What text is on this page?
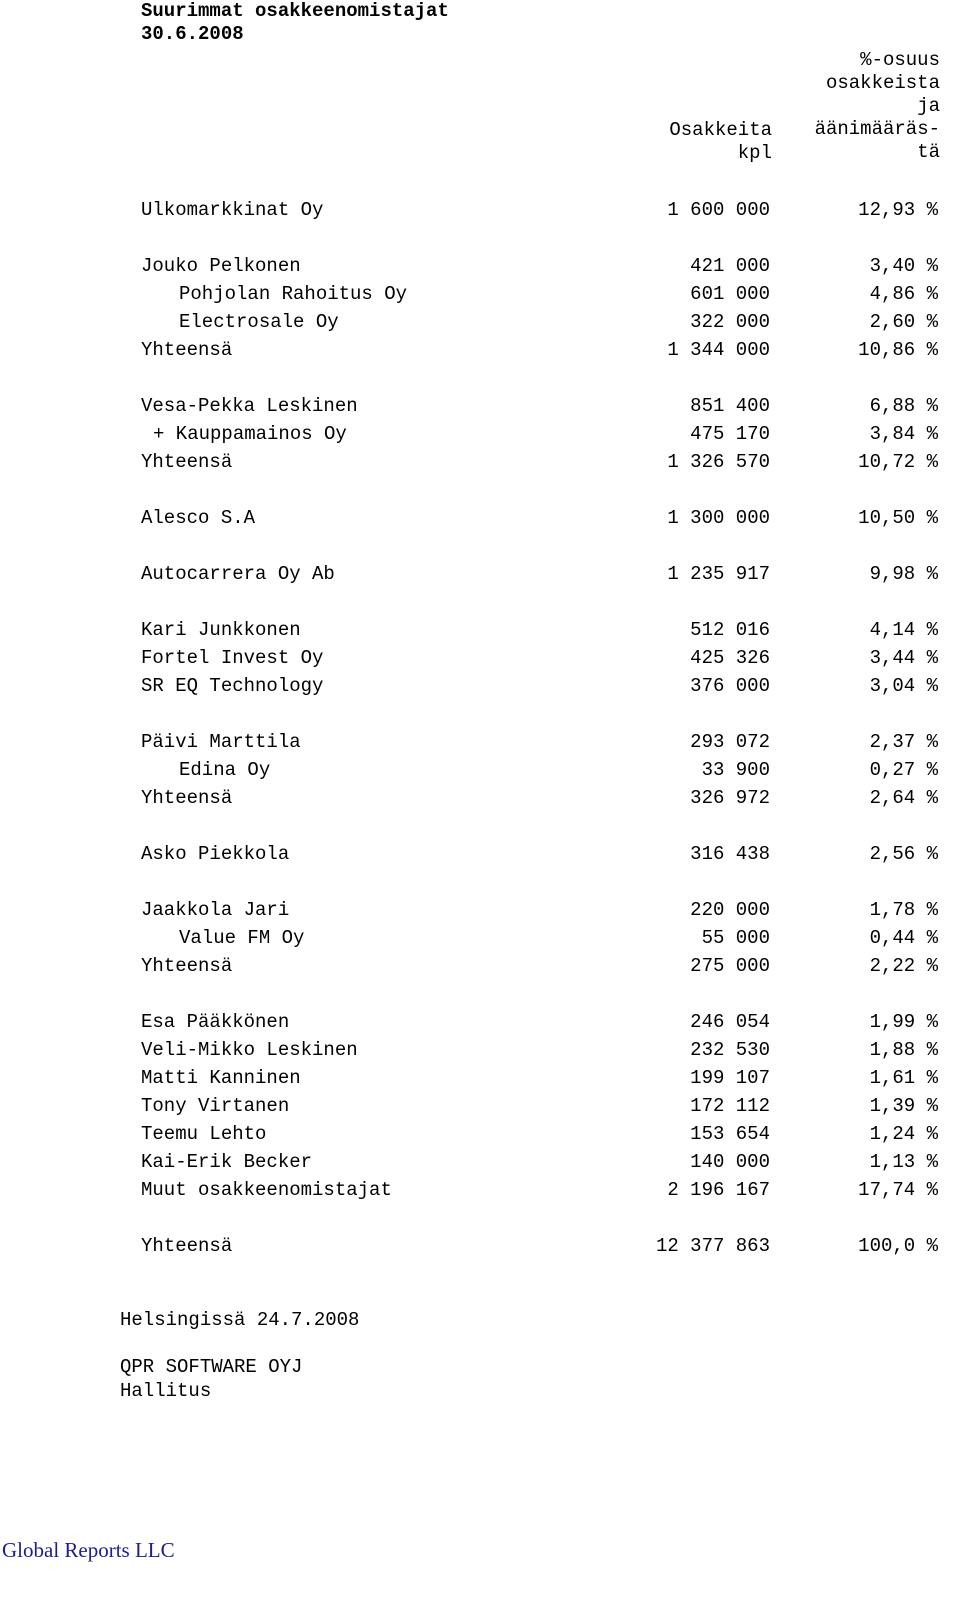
Suurimmat osakkeenomistajat
30.6.2008
Osakkeita
kpl
%-osuus
osakkeista
ja
äänimääräs-
tä
Ulkomarkkinat Oy	1 600 000	12,93 %
Jouko Pelkonen	421 000	3,40 %
Pohjolan Rahoitus Oy	601 000	4,86 %
Electrosale Oy	322 000	2,60 %
Yhteensä	1 344 000	10,86 %
Vesa-Pekka Leskinen	851 400	6,88 %
+ Kauppamainos Oy	475 170	3,84 %
Yhteensä	1 326 570	10,72 %
Alesco S.A	1 300 000	10,50 %
Autocarrera Oy Ab	1 235 917	9,98 %
Kari Junkkonen	512 016	4,14 %
Fortel Invest Oy	425 326	3,44 %
SR EQ Technology	376 000	3,04 %
Päivi Marttila	293 072	2,37 %
Edina Oy	33 900	0,27 %
Yhteensä	326 972	2,64 %
Asko Piekkola	316 438	2,56 %
Jaakkola Jari	220 000	1,78 %
Value FM Oy	55 000	0,44 %
Yhteensä	275 000	2,22 %
Esa Pääkkönen	246 054	1,99 %
Veli-Mikko Leskinen	232 530	1,88 %
Matti Kanninen	199 107	1,61 %
Tony Virtanen	172 112	1,39 %
Teemu Lehto	153 654	1,24 %
Kai-Erik Becker	140 000	1,13 %
Muut osakkeenomistajat	2 196 167	17,74 %
Yhteensä	12 377 863	100,0 %
Helsingissä 24.7.2008
QPR SOFTWARE OYJ
Hallitus
Global Reports LLC
